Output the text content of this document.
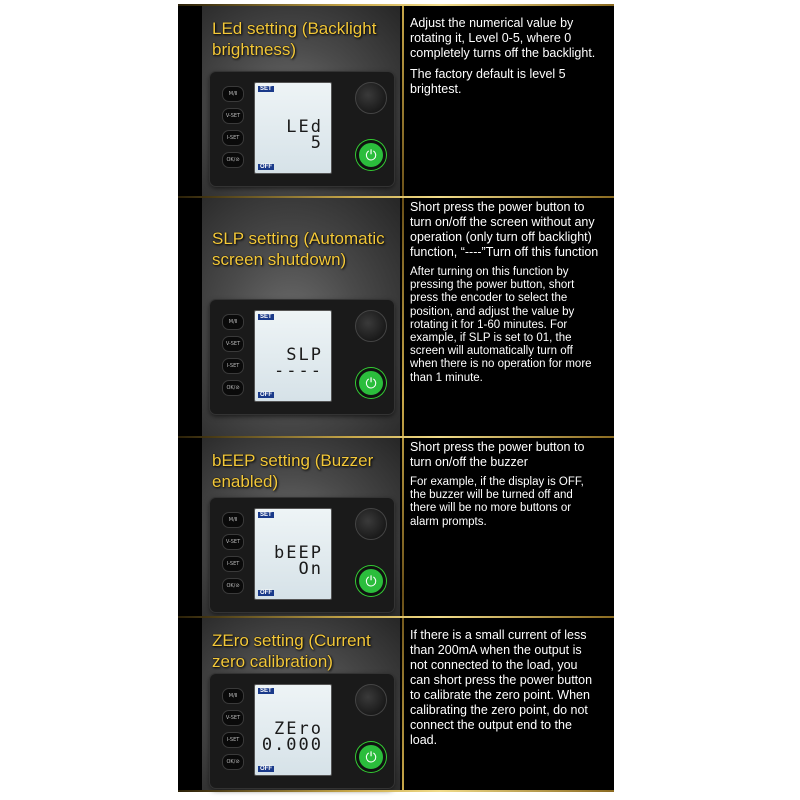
LEd setting (Backlight brightness)
M/Ⅱ
V-SET
I-SET
OK/⊘
SET
LEd
5
OFF
⏻

Adjust the numerical value by rotating it, Level 0-5, where 0 completely turns off the backlight.

The factory default is level 5 brightest.

SLP setting (Automatic screen shutdown)
M/Ⅱ
V-SET
I-SET
OK/⊘
SET
SLP
----
OFF
⏻

Short press the power button to turn on/off the screen without any operation (only turn off backlight) function, “----”Turn off this function

After turning on this function by pressing the power button, short press the encoder to select the position, and adjust the value by rotating it for 1-60 minutes. For example, if SLP is set to 01, the screen will automatically turn off when there is no operation for more than 1 minute.

bEEP setting (Buzzer enabled)
M/Ⅱ
V-SET
I-SET
OK/⊘
SET
bEEP
On
OFF
⏻

Short press the power button to turn on/off the buzzer

For example, if the display is OFF, the buzzer will be turned off and there will be no more buttons or alarm prompts.

ZEro setting (Current zero calibration)
M/Ⅱ
V-SET
I-SET
OK/⊘
SET
ZEro
0.000
OFF
⏻

If there is a small current of less than 200mA when the output is not connected to the load, you can short press the power button to calibrate the zero point. When calibrating the zero point, do not connect the output end to the load.
